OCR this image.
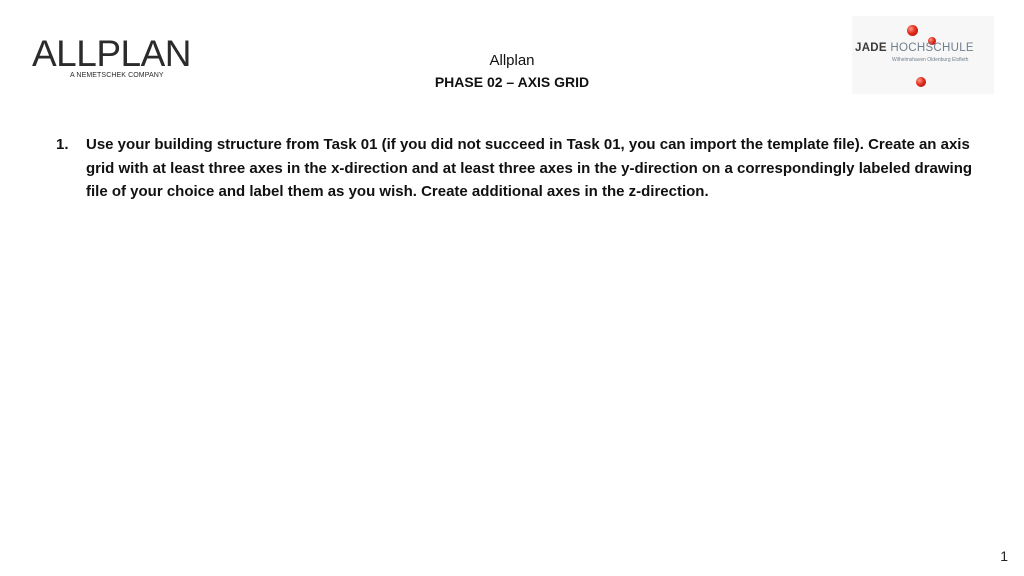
ALLPLAN
A NEMETSCHEK COMPANY
Allplan
PHASE 02 – AXIS GRID
JADE HOCHSCHULE
Wilhelmshaven Oldenburg Elsfleth
1.	Use your building structure from Task 01 (if you did not succeed in Task 01, you can import the template file). Create an axis grid with at least three axes in the x-direction and at least three axes in the y-direction on a correspondingly labeled drawing file of your choice and label them as you wish. Create additional axes in the z-direction.
1
